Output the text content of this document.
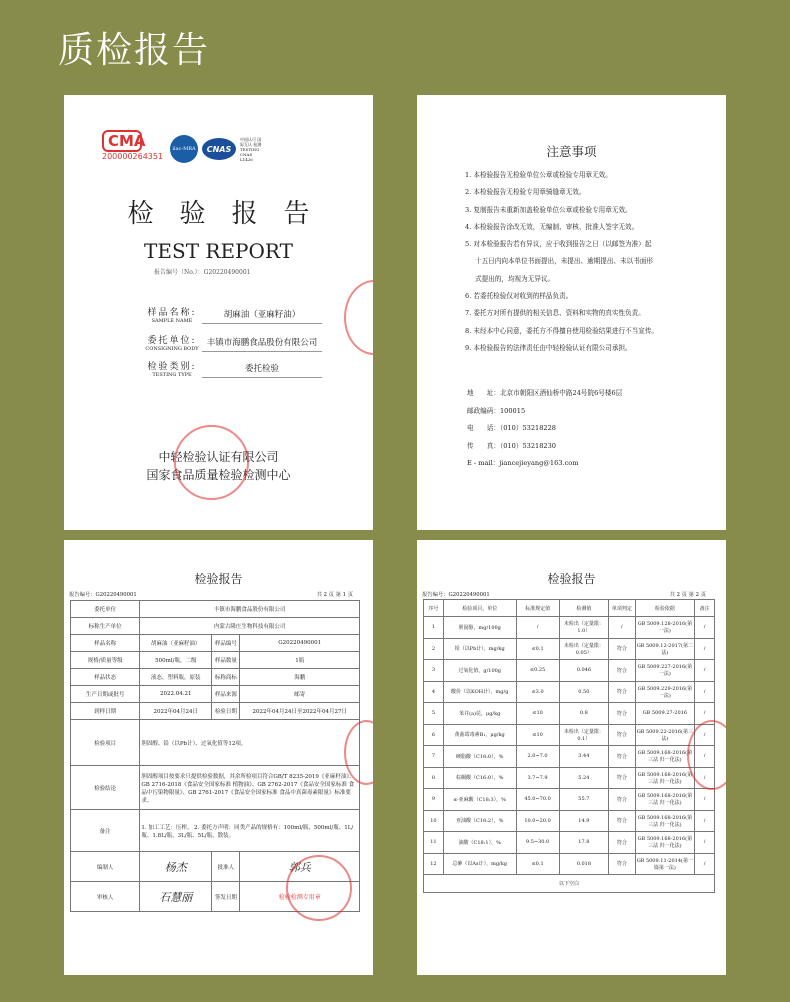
质检报告
CMA
200000264351
ilac-MRA	CNAS
中国认可 国际互认 检测 TESTING CNAS L1426
检验报告
TEST REPORT
报告编号（No.）：G20220490001
样品名称:
SAMPLE NAME
胡麻油（亚麻籽油）
委托单位:
CONSIGNING BODY
丰镇市海鹏食品股份有限公司
检验类别:
TESTING TYPE
委托检验
中轻检验认证有限公司
国家食品质量检验检测中心
注意事项
1. 本检验报告无检验单位公章或检验专用章无效。
2. 本检验报告无检验专用章骑缝章无效。
3. 复制报告未重新加盖检验单位公章或检验专用章无效。
4. 本检验报告涂改无效，无编制、审核、批准人签字无效。
5. 对本检验报告若有异议，应于收到报告之日（以邮签为准）起
十五日内向本单位书面提出，未提出、逾期提出、未以书面形
式提出的，均视为无异议。
6. 若委托检验仅对收到的样品负责。
7. 委托方对所有提供的相关信息、资料和实物的真实性负责。
8. 未经本中心同意，委托方不得擅自使用检验结果进行不当宣传。
9. 本检验报告的法律责任由中轻检验认证有限公司承担。
地　　址：北京市朝阳区酒仙桥中路24号院6号楼6层
邮政编码：100015
电　　话：（010）53218228
传　　真：（010）53218230
E - mail：jiancejieyang@163.com
检验报告
报告编号：G20220490001	共 2 页 第 1 页
委托单位	丰镇市海鹏食品股份有限公司		
标称生产单位	内蒙古隆庄生物科技有限公司		
样品名称	胡麻油（亚麻籽油）	样品编号	G20220490001
规格/质量等级	500ml/瓶，二级	样品数量	1瓶
样品状态	液态，塑料瓶，原装	标称商标	海鹏
生产日期或批号	2022.04.21	样品来源	邮寄
到样日期	2022年04月24日	检验日期	2022年04月24日至2022年04月27日
检验项目	胆固醇、铅（以Pb计）、过氧化值等12项。		
检验结论	胆固醇项目按要求只提供检验数据，其余所检项目符合GB/T 8235-2019《亚麻籽油》、GB 2716-2018《食品安全国家标准 植物油》、GB 2762-2017《食品安全国家标准 食品中污染物限量》、GB 2761-2017《食品安全国家标准 食品中真菌毒素限量》标准要求。		
备注	1. 加工工艺：压榨。 2. 委托方声明：同类产品的规格有：100ml/瓶、500ml/瓶、1L/瓶、1.8L/瓶、3L/瓶、5L/瓶、散装。		
编制人	杨杰	批准人	郭兵
审核人	石慧丽	签发日期	检验检测专用章
检验报告
报告编号：G20220490001	共 2 页 第 2 页
序号	检验项目，单位	标准规定值	检测值	单项判定	检验依据	备注
1	胆固醇，mg/100g	/	未检出（定量限：1.0）	/	GB 5009.128-2016(第一法)	/
2	铅（以Pb计），mg/kg	≤0.1	未检出（定量限：0.05）	符合	GB 5009.12-2017(第二法)	/
3	过氧化值，g/100g	≤0.25	0.046	符合	GB 5009.227-2016(第一法)	/
4	酸价（以KOH计），mg/g	≤3.0	0.50	符合	GB 5009.229-2016(第一法)	/
5	苯并(a)芘，μg/kg	≤10	0.8	符合	GB 5009.27-2016	/
6	黄曲霉毒素B₁，μg/kg	≤10	未检出（定量限：0.1）	符合	GB 5009.22-2016(第三法)	/
7	硬脂酸（C18:0），%	2.0~7.0	3.44	符合	GB 5009.168-2016(第三法 归一化法)	/
8	棕榈酸（C16:0），%	3.7~7.9	5.24	符合	GB 5009.168-2016(第三法 归一化法)	/
9	α-亚麻酸（C18:3），%	45.0~70.0	55.7	符合	GB 5009.168-2016(第三法 归一化法)	/
10	亚油酸（C18:2），%	10.0~20.0	14.9	符合	GB 5009.168-2016(第三法 归一化法)	/
11	油酸（C18:1），%	9.5~30.0	17.8	符合	GB 5009.168-2016(第三法 归一化法)	/
12	总砷（以As计），mg/kg	≤0.1	0.018	符合	GB 5009.11-2014(第一篇第一法)	/
以下空白						
